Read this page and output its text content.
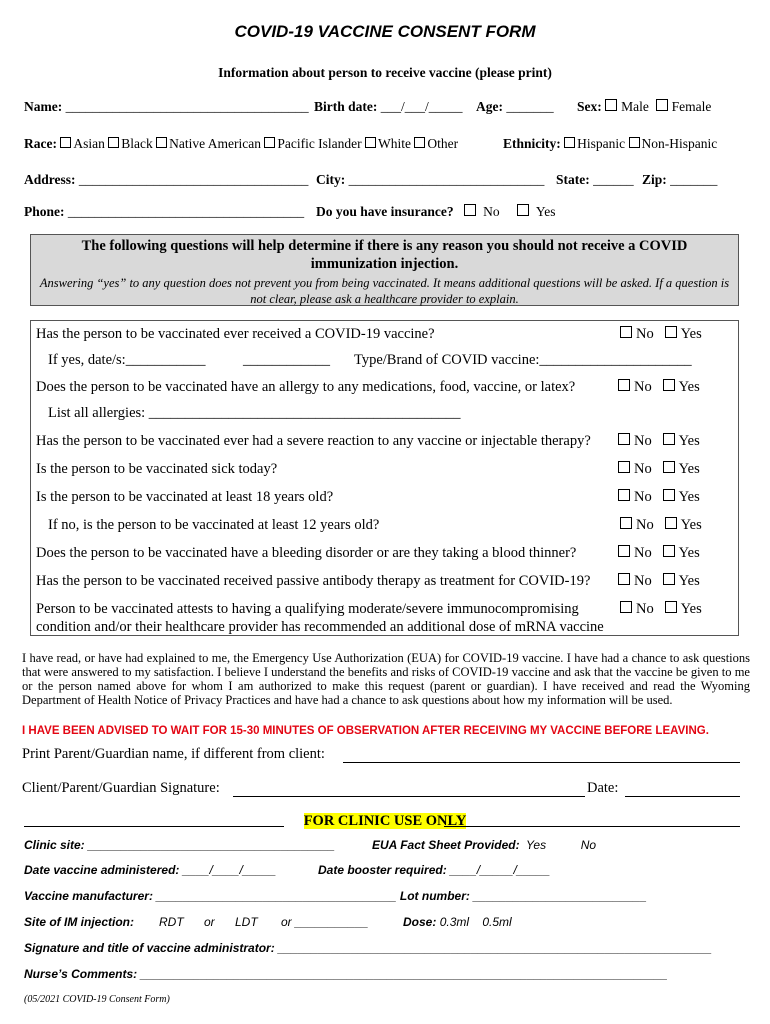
COVID-19 VACCINE CONSENT FORM
Information about person to receive vaccine (please print)
Name: ____________________________________ Birth date: ___/___/_____ Age: _______ Sex: Male Female
Race: Asian Black Native American Pacific Islander White Other	Ethnicity: Hispanic Non-Hispanic
Address: __________________________________ City: _____________________________ State: ______ Zip: _______
Phone: ___________________________________ Do you have insurance? No	Yes
The following questions will help determine if there is any reason you should not receive a COVID immunization injection.
Answering “yes” to any question does not prevent you from being vaccinated. It means additional questions will be asked. If a question is not clear, please ask a healthcare provider to explain.
Has the person to be vaccinated ever received a COVID-19 vaccine?	No Yes
If yes, date/s:___________	____________ Type/Brand of COVID vaccine:_____________________
Does the person to be vaccinated have an allergy to any medications, food, vaccine, or latex?	No Yes
List all allergies: ___________________________________________
Has the person to be vaccinated ever had a severe reaction to any vaccine or injectable therapy?	No Yes
Is the person to be vaccinated sick today?	No Yes
Is the person to be vaccinated at least 18 years old?	No Yes
If no, is the person to be vaccinated at least 12 years old?	No Yes
Does the person to be vaccinated have a bleeding disorder or are they taking a blood thinner?	No Yes
Has the person to be vaccinated received passive antibody therapy as treatment for COVID-19?	No Yes
Person to be vaccinated attests to having a qualifying moderate/severe immunocompromising
condition and/or their healthcare provider has recommended an additional dose of mRNA vaccine
No Yes
I have read, or have had explained to me, the Emergency Use Authorization (EUA) for COVID-19 vaccine. I have had a chance to ask questions that were answered to my satisfaction. I believe I understand the benefits and risks of COVID-19 vaccine and ask that the vaccine be given to me or the person named above for whom I am authorized to make this request (parent or guardian). I have received and read the Wyoming Department of Health Notice of Privacy Practices and have had a chance to ask questions about how my information will be used.
I HAVE BEEN ADVISED TO WAIT FOR 15-30 MINUTES OF OBSERVATION AFTER RECEIVING MY VACCINE BEFORE LEAVING.
Print Parent/Guardian name, if different from client:
Client/Parent/Guardian Signature:	Date:
FOR CLINIC USE ONLY
Clinic site: _____________________________________	EUA Fact Sheet Provided: Yes	No
Date vaccine administered: ____/____/_____	Date booster required: ____/_____/_____
Vaccine manufacturer: ____________________________________ Lot number: __________________________
Site of IM injection: RDT or LDT or ___________	Dose: 0.3ml 0.5ml
Signature and title of vaccine administrator: _________________________________________________________________
Nurse’s Comments: _______________________________________________________________________________
(05/2021 COVID-19 Consent Form)
